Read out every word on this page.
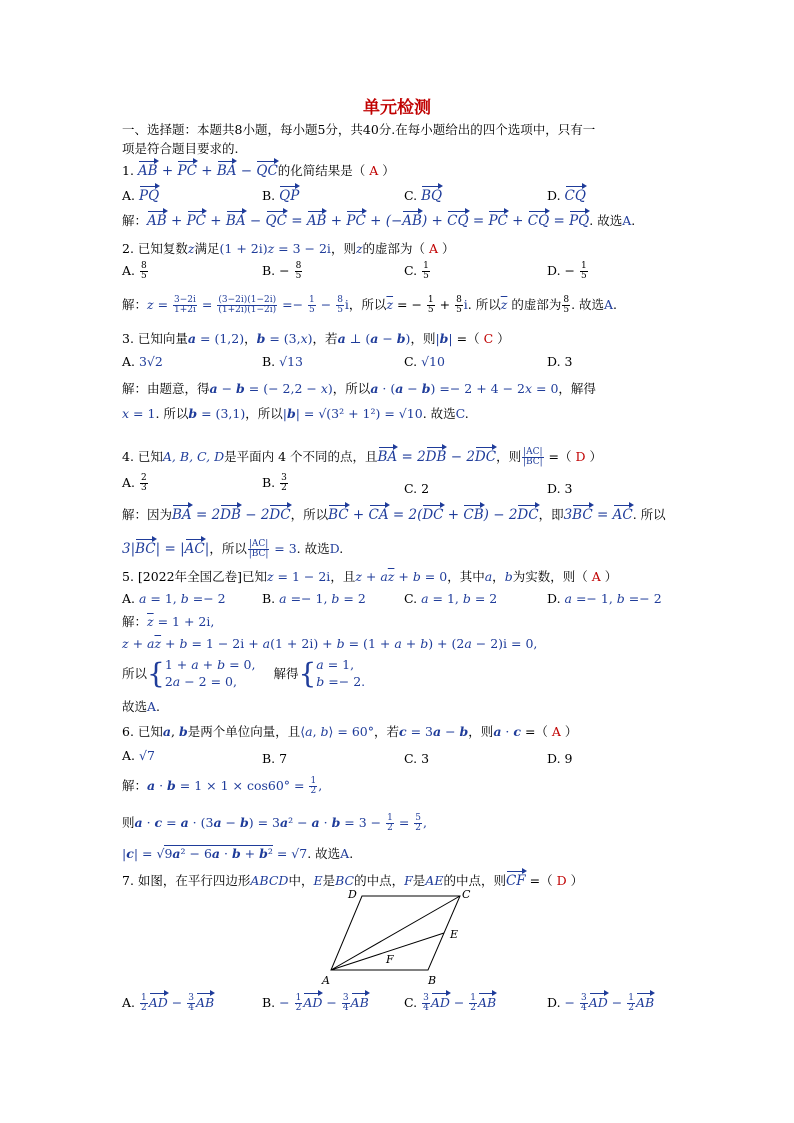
单元检测
一、选择题：本题共8小题，每小题5分，共40分.在每小题给出的四个选项中，只有一
项是符合题目要求的.
1. AB + PC + BA − QC的化简结果是（ A ）
A. PQ	B. QP	C. BQ	D. CQ
解：AB + PC + BA − QC = AB + PC + (−AB) + CQ = PC + CQ = PQ. 故选A.
2. 已知复数z满足(1 + 2i)z = 3 − 2i，则z的虚部为（ A ）
A. $\frac{8}{5}$	B. − $\frac{8}{5}$	C. $\frac{1}{5}$	D. − $\frac{1}{5}$
解：$z = \frac{3-2i}{1+2i} = \frac{(3-2i)(1-2i)}{(1+2i)(1-2i)} =- \frac{1}{5} - \frac{8}{5}$ i，所以$\overline{z}$ = − $\frac{1}{5} + \frac{8}{5} i$. 所以$\overline{z}$ 的虚部为 $\frac{8}{5}$ . 故选A.
3. 已知向量a = (1,2)，b = (3,x)，若a ⊥ (a − b)，则|b| =（ C ）
A. 3√2	B. √13	C. √10	D. 3
解：由题意，得a − b = (− 2,2 − x)，所以a · (a − b) =− 2 + 4 − 2x = 0，解得
x = 1. 所以b = (3,1)，所以|b| = √(3² + 1²) = √10. 故选C.
4. 已知A, B, C, D是平面内 4 个不同的点，且BA = 2DB − 2DC，则 $\frac{|AC|}{|BC|}$ =（ D ）
A. $\frac{2}{3}$	B. $\frac{3}{2}$	C. 2	D. 3
解：因为BA = 2DB − 2DC，所以BC + CA = 2(DC + CB) − 2DC，即3BC = AC. 所以
3|BC| = |AC|，所以 $\frac{|AC|}{|BC|} = 3$. 故选D.
5. [2022年全国乙卷]已知z = 1 − 2i，且$z + a\overline{z} + b = 0$，其中a，b为实数，则（ A ）
A. a = 1, b =− 2	B. a =− 1, b = 2	C. a = 1, b = 2	D. a =− 1, b =− 2
解：$\overline{z} = 1 + 2i$,
$z + a\overline{z} + b = 1 - 2i + a(1 + 2i) + b = (1 + a + b) + (2a - 2)i = 0$,
所以{1 + a + b = 0,
2a − 2 = 0, 解得{a = 1,
b =− 2.
故选A.
6. 已知a, b是两个单位向量，且⟨a, b⟩ = 60°，若c = 3a − b，则a · c =（ A ）
A. √7	B. 7	C. 3	D. 9
解：$a \cdot b = 1 \times 1 \times \cos 60^\circ = \frac{1}{2}$ ,
则$a \cdot c = a \cdot (3a - b) = 3a^2 - a \cdot b = 3 - \frac{1}{2} = \frac{5}{2}$ ,
|c| = √9a² − 6a · b + b² = √7. 故选A.
7. 如图，在平行四边形ABCD中，E是BC的中点，F是AE的中点，则CF =（ D ）
A	B
C
D
E
F
A. $\frac{1}{2}$ AD − $\frac{3}{4}$ AB	B. − $\frac{1}{2}$ AD − $\frac{3}{4}$ AB	C. $\frac{3}{4}$ AD − $\frac{1}{2}$ AB	D. − $\frac{3}{4}$ AD − $\frac{1}{2}$ AB
